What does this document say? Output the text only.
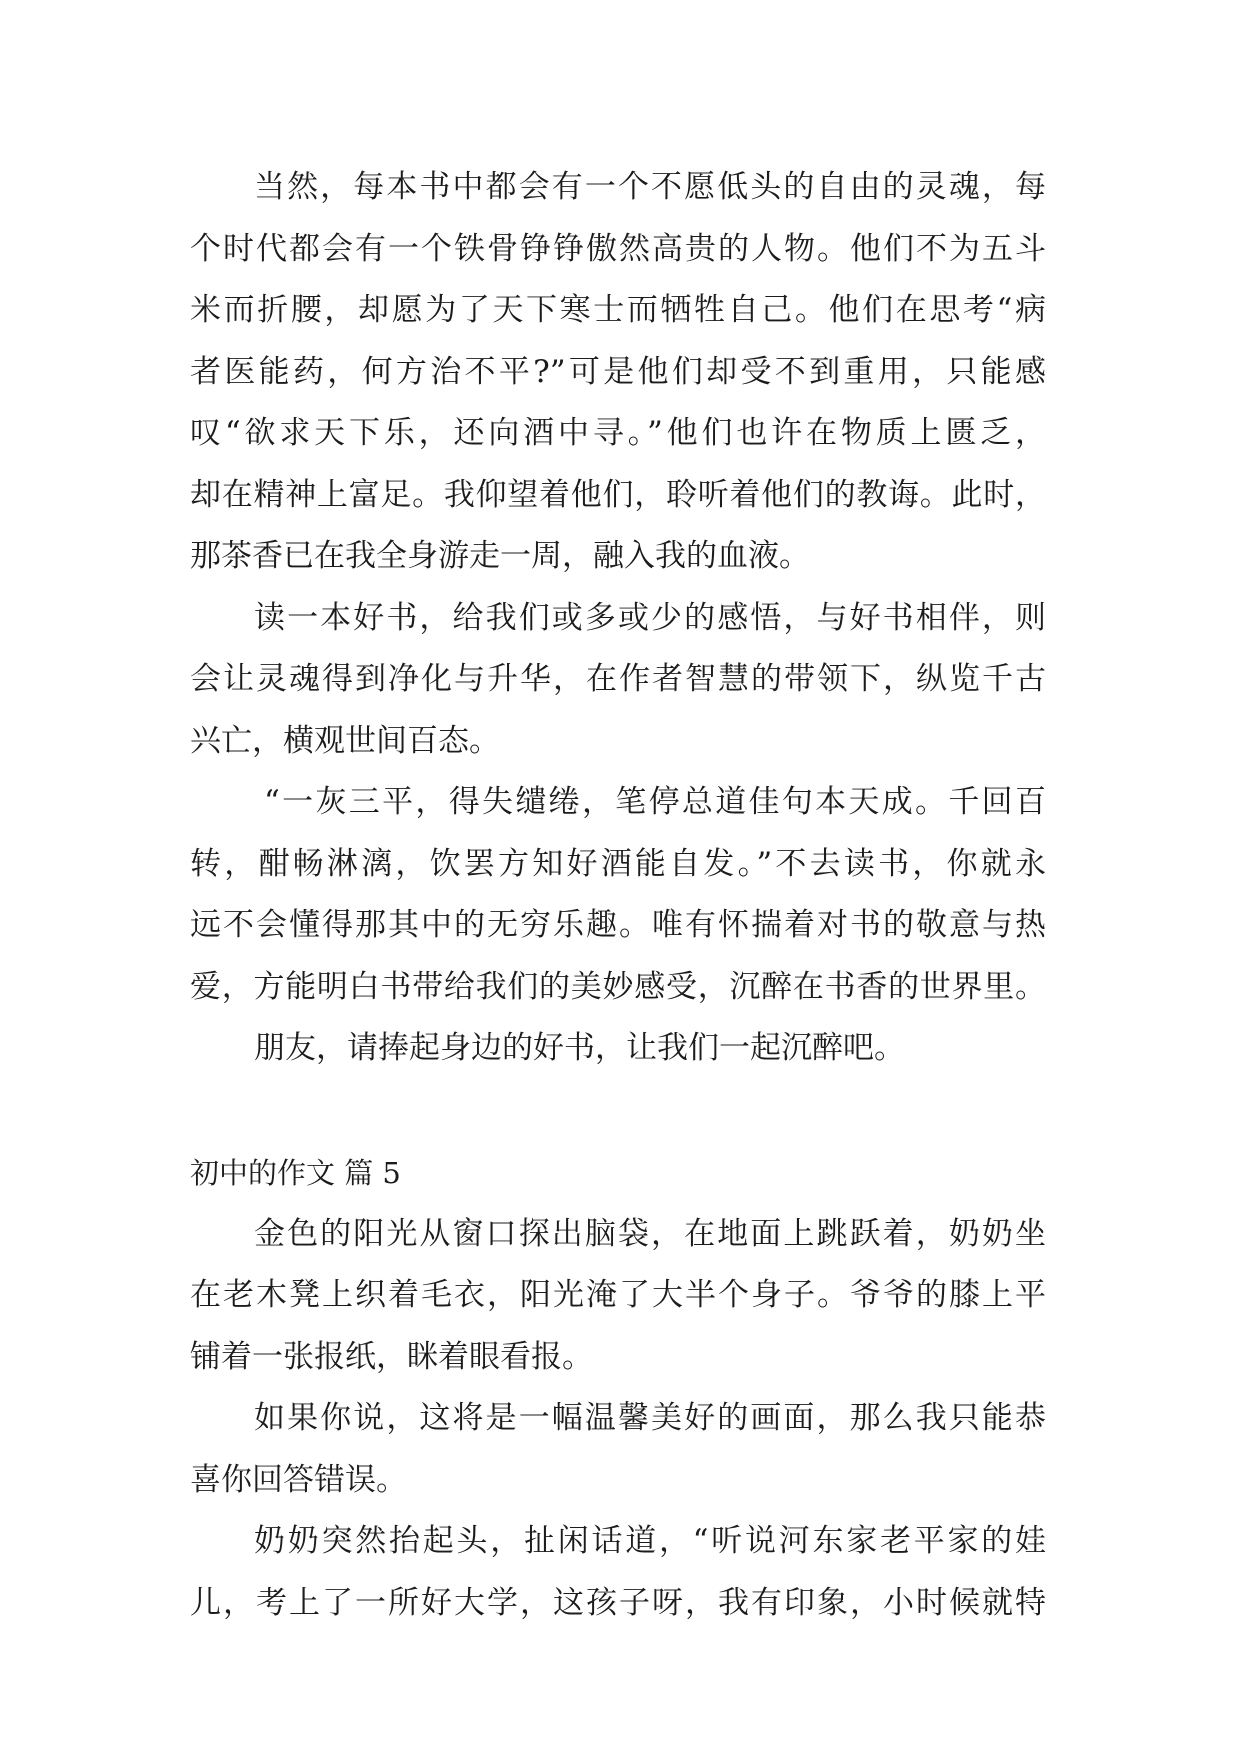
当然，每本书中都会有一个不愿低头的自由的灵魂，每
个时代都会有一个铁骨铮铮傲然高贵的人物。他们不为五斗
米而折腰，却愿为了天下寒士而牺牲自己。他们在思考“病
者医能药，何方治不平?”可是他们却受不到重用，只能感
叹“欲求天下乐，还向酒中寻。”他们也许在物质上匮乏，
却在精神上富足。我仰望着他们，聆听着他们的教诲。此时，
那茶香已在我全身游走一周，融入我的血液。
读一本好书，给我们或多或少的感悟，与好书相伴，则
会让灵魂得到净化与升华，在作者智慧的带领下，纵览千古
兴亡，横观世间百态。
“一灰三平，得失缱绻，笔停总道佳句本天成。千回百
转，酣畅淋漓，饮罢方知好酒能自发。”不去读书，你就永
远不会懂得那其中的无穷乐趣。唯有怀揣着对书的敬意与热
爱，方能明白书带给我们的美妙感受，沉醉在书香的世界里。
朋友，请捧起身边的好书，让我们一起沉醉吧。
初中的作文 篇 5
金色的阳光从窗口探出脑袋，在地面上跳跃着，奶奶坐
在老木凳上织着毛衣，阳光淹了大半个身子。爷爷的膝上平
铺着一张报纸，眯着眼看报。
如果你说，这将是一幅温馨美好的画面，那么我只能恭
喜你回答错误。
奶奶突然抬起头，扯闲话道，“听说河东家老平家的娃
儿，考上了一所好大学，这孩子呀，我有印象，小时候就特
